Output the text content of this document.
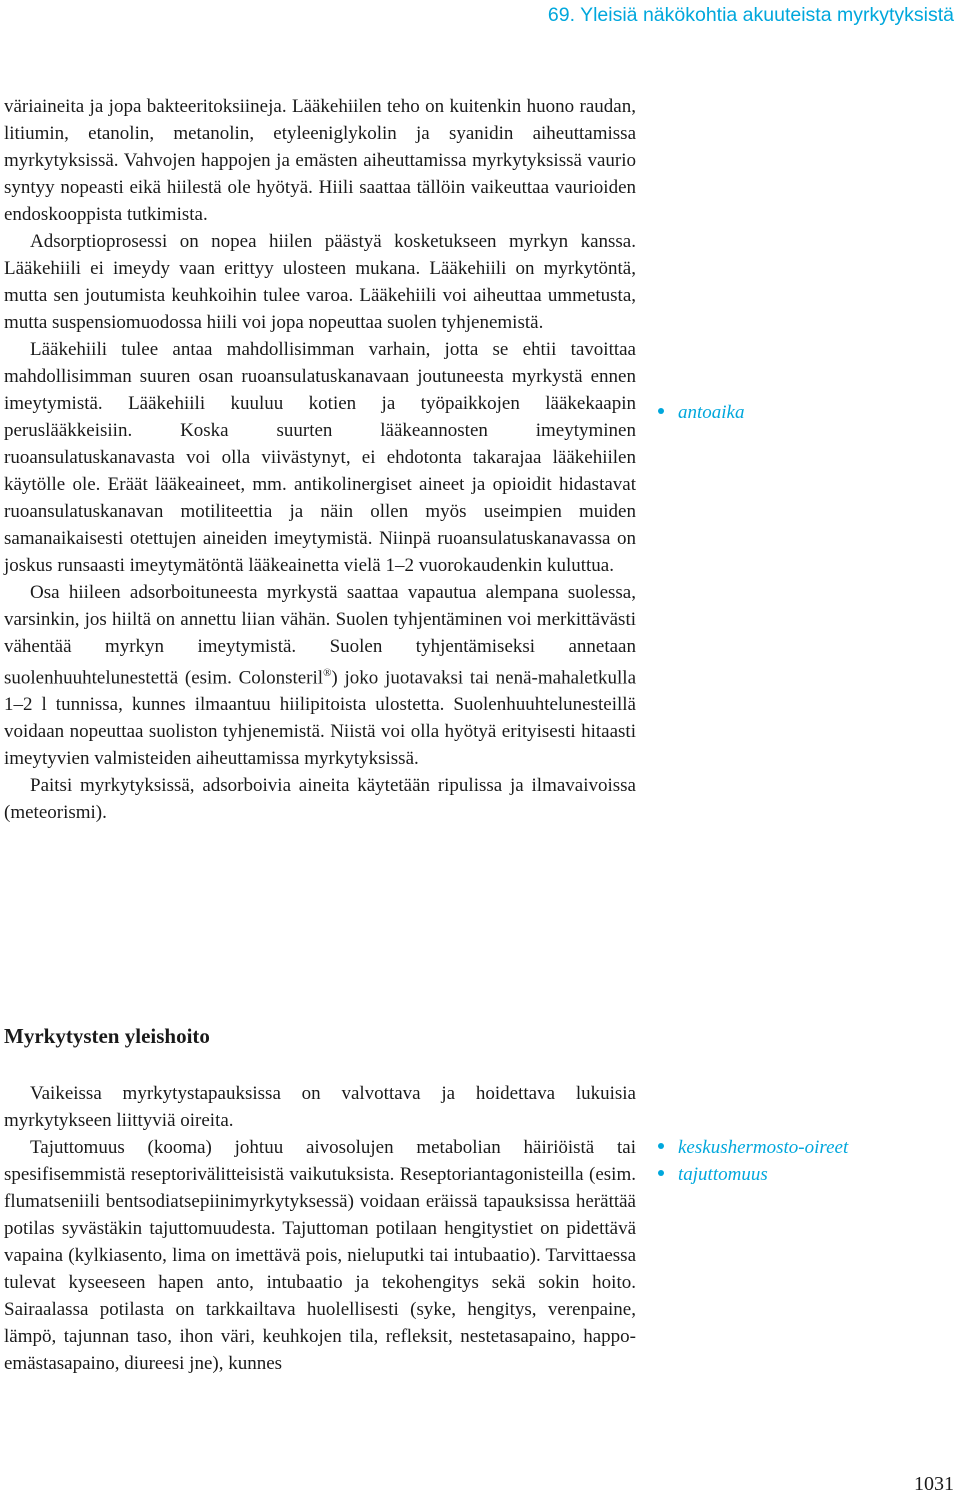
69. Yleisiä näkökohtia akuuteista myrkytyksistä

väriaineita ja jopa bakteeritoksiineja. Lääkehiilen teho on kuitenkin huono raudan, litiumin, etanolin, metanolin, etyleeniglykolin ja syanidin aiheuttamissa myrkytyksissä. Vahvojen happojen ja emästen aiheuttamissa myrkytyksissä vaurio syntyy nopeasti eikä hiilestä ole hyötyä. Hiili saattaa tällöin vaikeuttaa vaurioiden endoskooppista tutkimista.

Adsorptioprosessi on nopea hiilen päästyä kosketukseen myrkyn kanssa. Lääkehiili ei imeydy vaan erittyy ulosteen mukana. Lääkehiili on myrkytöntä, mutta sen joutumista keuhkoihin tulee varoa. Lääkehiili voi aiheuttaa ummetusta, mutta suspensiomuodossa hiili voi jopa nopeuttaa suolen tyhjenemistä.

Lääkehiili tulee antaa mahdollisimman varhain, jotta se ehtii tavoittaa mahdollisimman suuren osan ruoansulatuskanavaan joutuneesta myrkystä ennen imeytymistä. Lääkehiili kuuluu kotien ja työpaikkojen lääkekaapin peruslääkkeisiin. Koska suurten lääkeannosten imeytyminen ruoansulatuskanavasta voi olla viivästynyt, ei ehdotonta takarajaa lääkehiilen käytölle ole. Eräät lääkeaineet, mm. antikolinergiset aineet ja opioidit hidastavat ruoansulatuskanavan motiliteettia ja näin ollen myös useimpien muiden samanaikaisesti otettujen aineiden imeytymistä. Niinpä ruoansulatuskanavassa on joskus runsaasti imeytymätöntä lääkeainetta vielä 1–2 vuorokaudenkin kuluttua.

Osa hiileen adsorboituneesta myrkystä saattaa vapautua alempana suolessa, varsinkin, jos hiiltä on annettu liian vähän. Suolen tyhjentäminen voi merkittävästi vähentää myrkyn imeytymistä. Suolen tyhjentämiseksi annetaan suolenhuuhtelunestettä (esim. Colonsteril®) joko juotavaksi tai nenä-mahaletkulla 1–2 l tunnissa, kunnes ilmaantuu hiilipitoista ulostetta. Suolenhuuhtelunesteillä voidaan nopeuttaa suoliston tyhjenemistä. Niistä voi olla hyötyä erityisesti hitaasti imeytyvien valmisteiden aiheuttamissa myrkytyksissä.

Paitsi myrkytyksissä, adsorboivia aineita käytetään ripulissa ja ilmavaivoissa (meteorismi).

antoaika
Myrkytysten yleishoito

Vaikeissa myrkytystapauksissa on valvottava ja hoidettava lukuisia myrkytykseen liittyviä oireita.

Tajuttomuus (kooma) johtuu aivosolujen metabolian häiriöistä tai spesifisemmistä reseptorivälitteisistä vaikutuksista. Reseptoriantagonisteilla (esim. flumatseniili bentsodiatsepiinimyrkytyksessä) voidaan eräissä tapauksissa herättää potilas syvästäkin tajuttomuudesta. Tajuttoman potilaan hengitystiet on pidettävä vapaina (kylkiasento, lima on imettävä pois, nieluputki tai intubaatio). Tarvittaessa tulevat kyseeseen hapen anto, intubaatio ja tekohengitys sekä sokin hoito. Sairaalassa potilasta on tarkkailtava huolellisesti (syke, hengitys, verenpaine, lämpö, tajunnan taso, ihon väri, keuhkojen tila, refleksit, nestetasapaino, happo-emästasapaino, diureesi jne), kunnes

keskushermosto-oireet
tajuttomuus
1031
